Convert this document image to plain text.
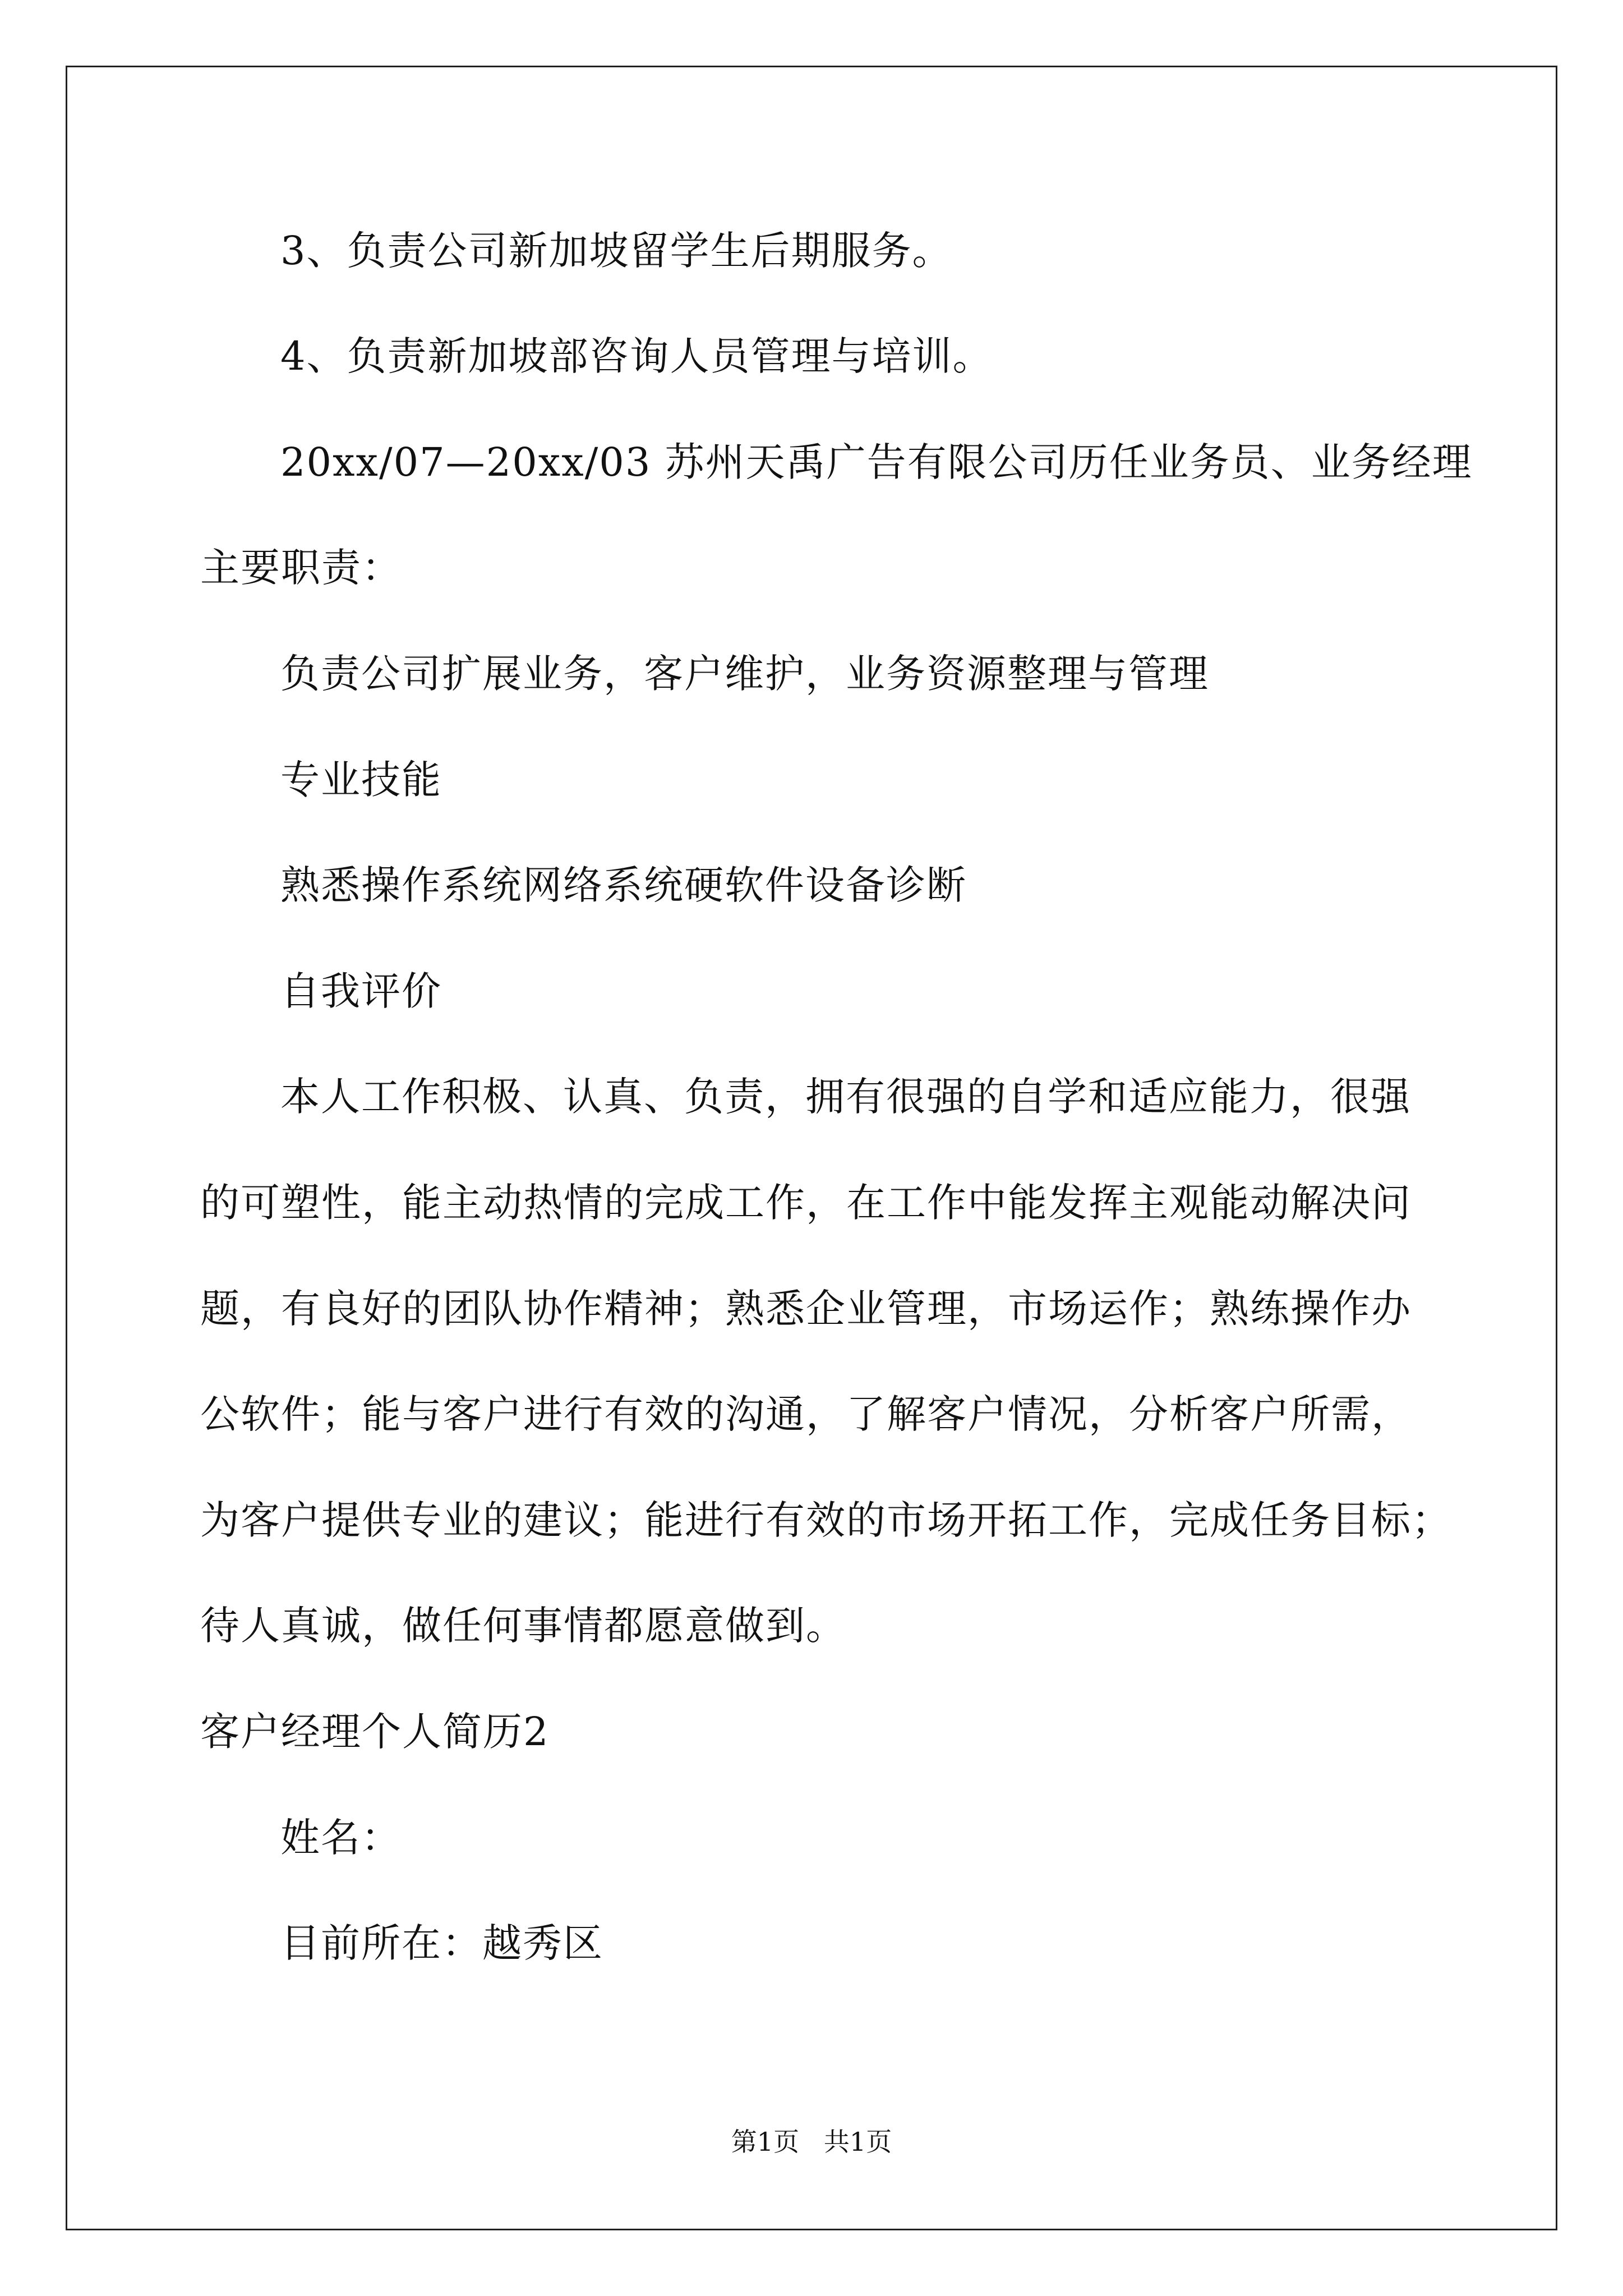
3、负责公司新加坡留学生后期服务。
4、负责新加坡部咨询人员管理与培训。
20xx/07—20xx/03 苏州天禹广告有限公司历任业务员、业务经理
主要职责：
负责公司扩展业务，客户维护，业务资源整理与管理
专业技能
熟悉操作系统网络系统硬软件设备诊断
自我评价
本人工作积极、认真、负责，拥有很强的自学和适应能力，很强
的可塑性，能主动热情的完成工作，在工作中能发挥主观能动解决问
题，有良好的团队协作精神；熟悉企业管理，市场运作；熟练操作办
公软件；能与客户进行有效的沟通，了解客户情况，分析客户所需，
为客户提供专业的建议；能进行有效的市场开拓工作，完成任务目标；
待人真诚，做任何事情都愿意做到。
客户经理个人简历2
姓名：
目前所在：越秀区
第1页   共1页
